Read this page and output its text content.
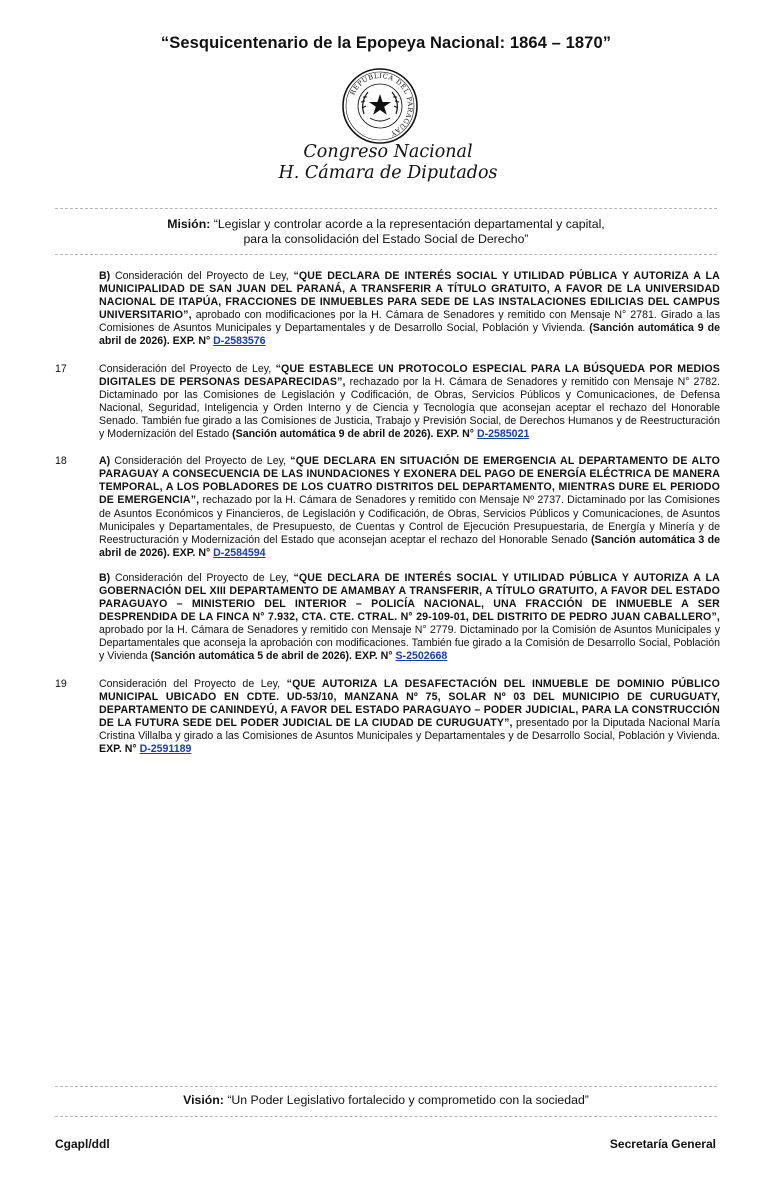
“Sesquicentenario de la Epopeya Nacional: 1864 – 1870”
REPÚBLICA DEL PARAGUAY
Congreso Nacional
H. Cámara de Diputados
Misión: “Legislar y controlar acorde a la representación departamental y capital,
para la consolidación del Estado Social de Derecho”
B) Consideración del Proyecto de Ley, “QUE DECLARA DE INTERÉS SOCIAL Y UTILIDAD PÚBLICA Y AUTORIZA A LA MUNICIPALIDAD DE SAN JUAN DEL PARANÁ, A TRANSFERIR A TÍTULO GRATUITO, A FAVOR DE LA UNIVERSIDAD NACIONAL DE ITAPÚA, FRACCIONES DE INMUEBLES PARA SEDE DE LAS INSTALACIONES EDILICIAS DEL CAMPUS UNIVERSITARIO”, aprobado con modificaciones por la H. Cámara de Senadores y remitido con Mensaje N° 2781. Girado a las Comisiones de Asuntos Municipales y Departamentales y de Desarrollo Social, Población y Vivienda. (Sanción automática 9 de abril de 2026). EXP. N° D-2583576
17	Consideración del Proyecto de Ley, “QUE ESTABLECE UN PROTOCOLO ESPECIAL PARA LA BÚSQUEDA POR MEDIOS DIGITALES DE PERSONAS DESAPARECIDAS”, rechazado por la H. Cámara de Senadores y remitido con Mensaje N° 2782. Dictaminado por las Comisiones de Legislación y Codificación, de Obras, Servicios Públicos y Comunicaciones, de Defensa Nacional, Seguridad, Inteligencia y Orden Interno y de Ciencia y Tecnología que aconsejan aceptar el rechazo del Honorable Senado. También fue girado a las Comisiones de Justicia, Trabajo y Previsión Social, de Derechos Humanos y de Reestructuración y Modernización del Estado (Sanción automática 9 de abril de 2026). EXP. N° D-2585021
18	A) Consideración del Proyecto de Ley, “QUE DECLARA EN SITUACIÓN DE EMERGENCIA AL DEPARTAMENTO DE ALTO PARAGUAY A CONSECUENCIA DE LAS INUNDACIONES Y EXONERA DEL PAGO DE ENERGÍA ELÉCTRICA DE MANERA TEMPORAL, A LOS POBLADORES DE LOS CUATRO DISTRITOS DEL DEPARTAMENTO, MIENTRAS DURE EL PERIODO DE EMERGENCIA”, rechazado por la H. Cámara de Senadores y remitido con Mensaje Nº 2737. Dictaminado por las Comisiones de Asuntos Económicos y Financieros, de Legislación y Codificación, de Obras, Servicios Públicos y Comunicaciones, de Asuntos Municipales y Departamentales, de Presupuesto, de Cuentas y Control de Ejecución Presupuestaria, de Energía y Minería y de Reestructuración y Modernización del Estado que aconsejan aceptar el rechazo del Honorable Senado (Sanción automática 3 de abril de 2026). EXP. N° D-2584594
B) Consideración del Proyecto de Ley, “QUE DECLARA DE INTERÉS SOCIAL Y UTILIDAD PÚBLICA Y AUTORIZA A LA GOBERNACIÓN DEL XIII DEPARTAMENTO DE AMAMBAY A TRANSFERIR, A TÍTULO GRATUITO, A FAVOR DEL ESTADO PARAGUAYO – MINISTERIO DEL INTERIOR – POLICÍA NACIONAL, UNA FRACCIÓN DE INMUEBLE A SER DESPRENDIDA DE LA FINCA N° 7.932, CTA. CTE. CTRAL. N° 29-109-01, DEL DISTRITO DE PEDRO JUAN CABALLERO”, aprobado por la H. Cámara de Senadores y remitido con Mensaje N° 2779. Dictaminado por la Comisión de Asuntos Municipales y Departamentales que aconseja la aprobación con modificaciones. También fue girado a la Comisión de Desarrollo Social, Población y Vivienda (Sanción automática 5 de abril de 2026). EXP. N° S-2502668
19	Consideración del Proyecto de Ley, “QUE AUTORIZA LA DESAFECTACIÓN DEL INMUEBLE DE DOMINIO PÚBLICO MUNICIPAL UBICADO EN CDTE. UD-53/10, MANZANA Nº 75, SOLAR Nº 03 DEL MUNICIPIO DE CURUGUATY, DEPARTAMENTO DE CANINDEYÚ, A FAVOR DEL ESTADO PARAGUAYO – PODER JUDICIAL, PARA LA CONSTRUCCIÓN DE LA FUTURA SEDE DEL PODER JUDICIAL DE LA CIUDAD DE CURUGUATY”, presentado por la Diputada Nacional María Cristina Villalba y girado a las Comisiones de Asuntos Municipales y Departamentales y de Desarrollo Social, Población y Vivienda. EXP. N° D-2591189
Visión: “Un Poder Legislativo fortalecido y comprometido con la sociedad”
Cgapl/ddl	Secretaría General
